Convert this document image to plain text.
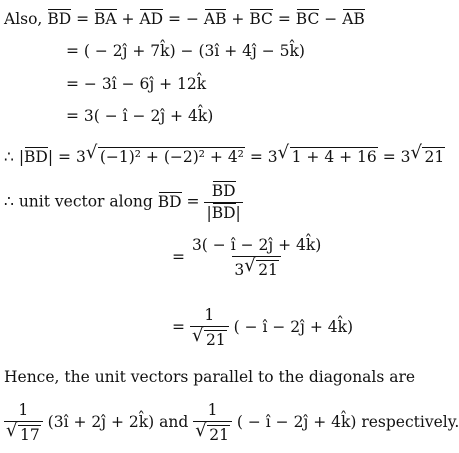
Also, BD = BA + AD = − AB + BC = BC − AB
= ( − 2ĵ + 7k̂) − (3î + 4ĵ − 5k̂)
= − 3î − 6ĵ + 12k̂
= 3( − î − 2ĵ + 4k̂)
∴ |BD| = 3 √ (−1)² + (−2)² + 4² = 3 √ 1 + 4 + 16 = 3 √ 21
∴ unit vector along BD = $\frac{BD}{|BD|}$
= $\frac{3( - î - 2ĵ + 4k̂)}{3 √ 21}$
= $\frac{1}{√ 21}$ ( − î − 2ĵ + 4k̂)
Hence, the unit vectors parallel to the diagonals are
$\frac{1}{√ 17}$ (3î + 2ĵ + 2k̂) and $\frac{1}{√ 21}$ ( − î − 2ĵ + 4k̂) respectively.
